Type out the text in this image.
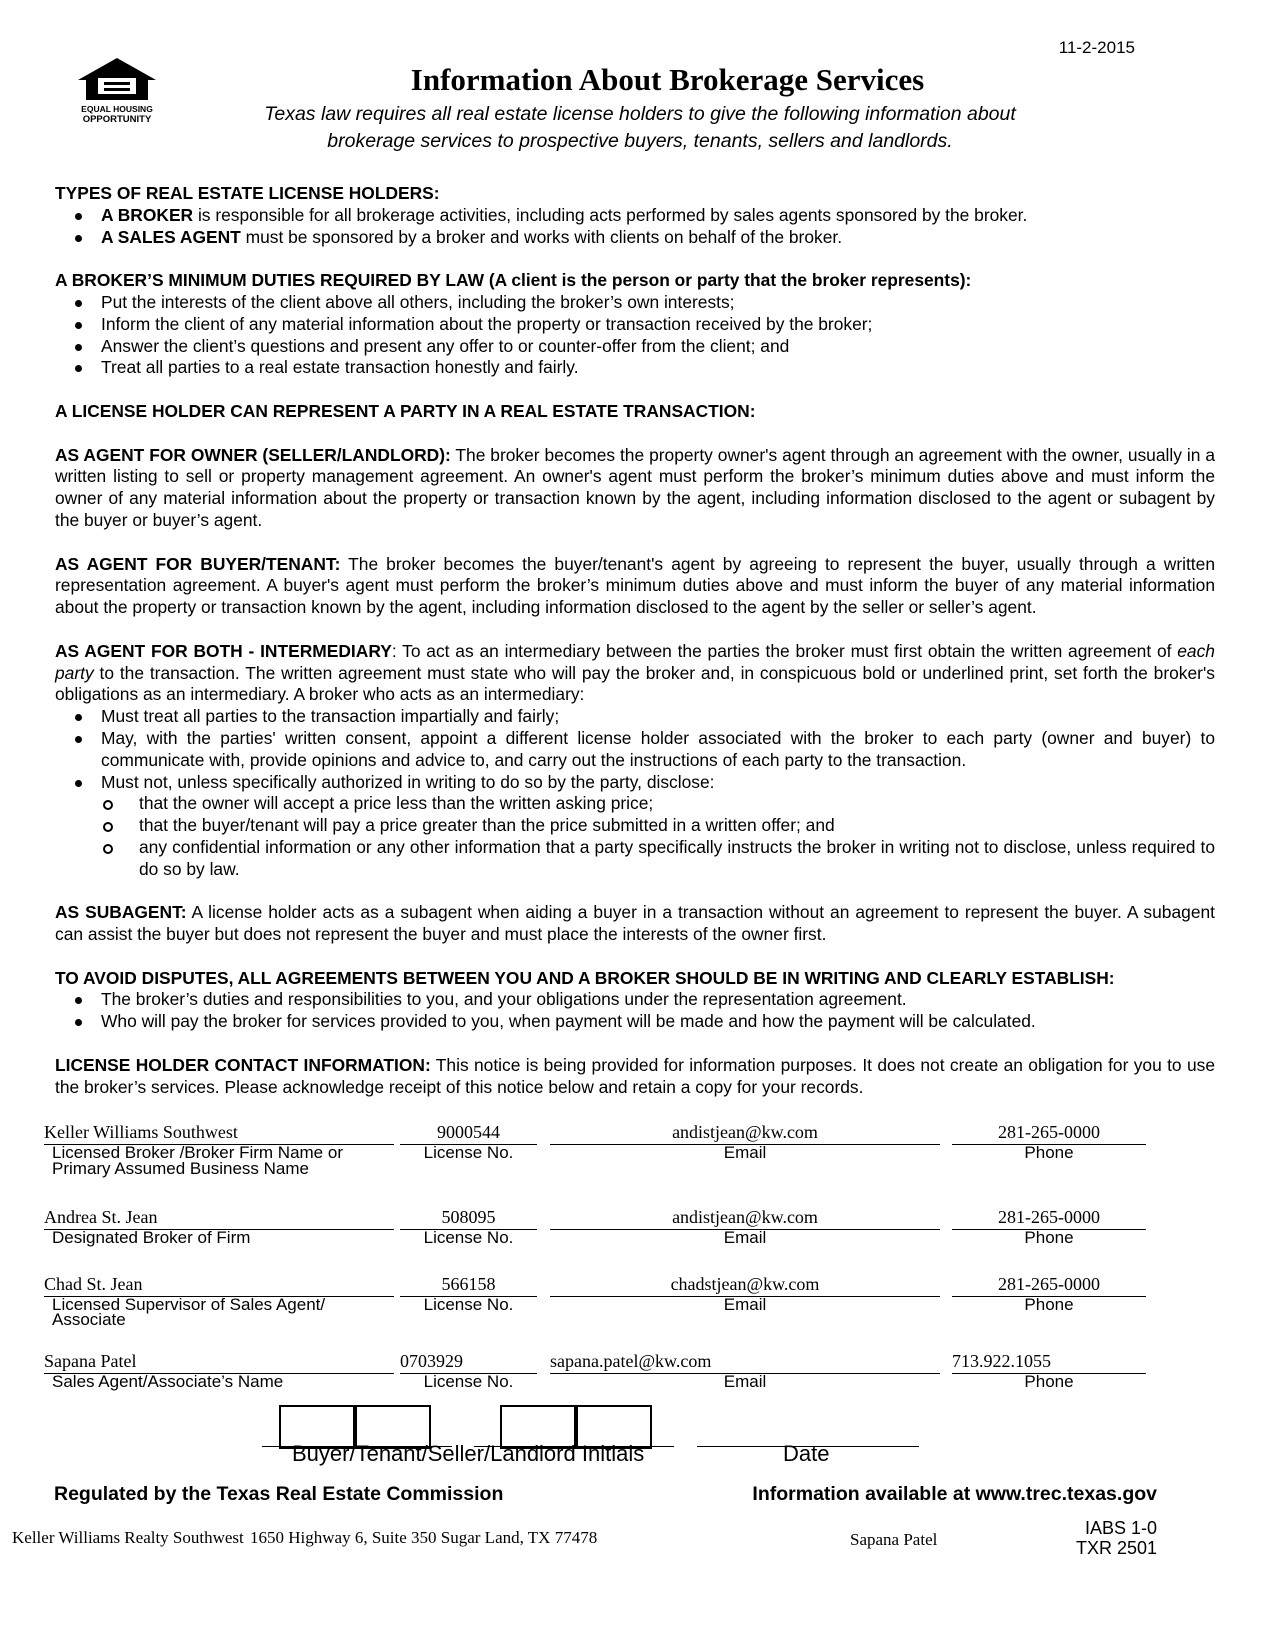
11-2-2015
EQUAL HOUSING
OPPORTUNITY
Information About Brokerage Services
Texas law requires all real estate license holders to give the following information about
brokerage services to prospective buyers, tenants, sellers and landlords.
TYPES OF REAL ESTATE LICENSE HOLDERS:
A BROKER is responsible for all brokerage activities, including acts performed by sales agents sponsored by the broker.
A SALES AGENT must be sponsored by a broker and works with clients on behalf of the broker.
A BROKER’S MINIMUM DUTIES REQUIRED BY LAW (A client is the person or party that the broker represents):
Put the interests of the client above all others, including the broker’s own interests;
Inform the client of any material information about the property or transaction received by the broker;
Answer the client’s questions and present any offer to or counter-offer from the client; and
Treat all parties to a real estate transaction honestly and fairly.

A LICENSE HOLDER CAN REPRESENT A PARTY IN A REAL ESTATE TRANSACTION:

AS AGENT FOR OWNER (SELLER/LANDLORD): The broker becomes the property owner's agent through an agreement with the owner, usually in a written listing to sell or property management agreement. An owner's agent must perform the broker’s minimum duties above and must inform the owner of any material information about the property or transaction known by the agent, including information disclosed to the agent or subagent by the buyer or buyer’s agent.

AS AGENT FOR BUYER/TENANT: The broker becomes the buyer/tenant's agent by agreeing to represent the buyer, usually through a written representation agreement. A buyer's agent must perform the broker’s minimum duties above and must inform the buyer of any material information about the property or transaction known by the agent, including information disclosed to the agent by the seller or seller’s agent.

AS AGENT FOR BOTH - INTERMEDIARY: To act as an intermediary between the parties the broker must first obtain the written agreement of each party to the transaction. The written agreement must state who will pay the broker and, in conspicuous bold or underlined print, set forth the broker's obligations as an intermediary. A broker who acts as an intermediary:

Must treat all parties to the transaction impartially and fairly;
May, with the parties' written consent, appoint a different license holder associated with the broker to each party (owner and buyer) to communicate with, provide opinions and advice to, and carry out the instructions of each party to the transaction.
Must not, unless specifically authorized in writing to do so by the party, disclose:
that the owner will accept a price less than the written asking price;
that the buyer/tenant will pay a price greater than the price submitted in a written offer; and
any confidential information or any other information that a party specifically instructs the broker in writing not to disclose, unless required to do so by law.

AS SUBAGENT: A license holder acts as a subagent when aiding a buyer in a transaction without an agreement to represent the buyer. A subagent can assist the buyer but does not represent the buyer and must place the interests of the owner first.

TO AVOID DISPUTES, ALL AGREEMENTS BETWEEN YOU AND A BROKER SHOULD BE IN WRITING AND CLEARLY ESTABLISH:
The broker’s duties and responsibilities to you, and your obligations under the representation agreement.
Who will pay the broker for services provided to you, when payment will be made and how the payment will be calculated.

LICENSE HOLDER CONTACT INFORMATION: This notice is being provided for information purposes. It does not create an obligation for you to use the broker’s services. Please acknowledge receipt of this notice below and retain a copy for your records.

Keller Williams Southwest
Licensed Broker /Broker Firm Name or
Primary Assumed Business Name
9000544
License No.
andistjean@kw.com
Email
281-265-0000
Phone
Andrea St. Jean
Designated Broker of Firm
508095
License No.
andistjean@kw.com
Email
281-265-0000
Phone
Chad St. Jean
Licensed Supervisor of Sales Agent/
Associate
566158
License No.
chadstjean@kw.com
Email
281-265-0000
Phone
Sapana Patel
Sales Agent/Associate’s Name
0703929
License No.
sapana.patel@kw.com
Email
713.922.1055
Phone
Buyer/Tenant/Seller/Landlord Initials	Date
Regulated by the Texas Real Estate Commission	Information available at www.trec.texas.gov
Keller Williams Realty Southwest 1650 Highway 6, Suite 350 Sugar Land, TX 77478	Sapana Patel
IABS 1-0
TXR 2501
